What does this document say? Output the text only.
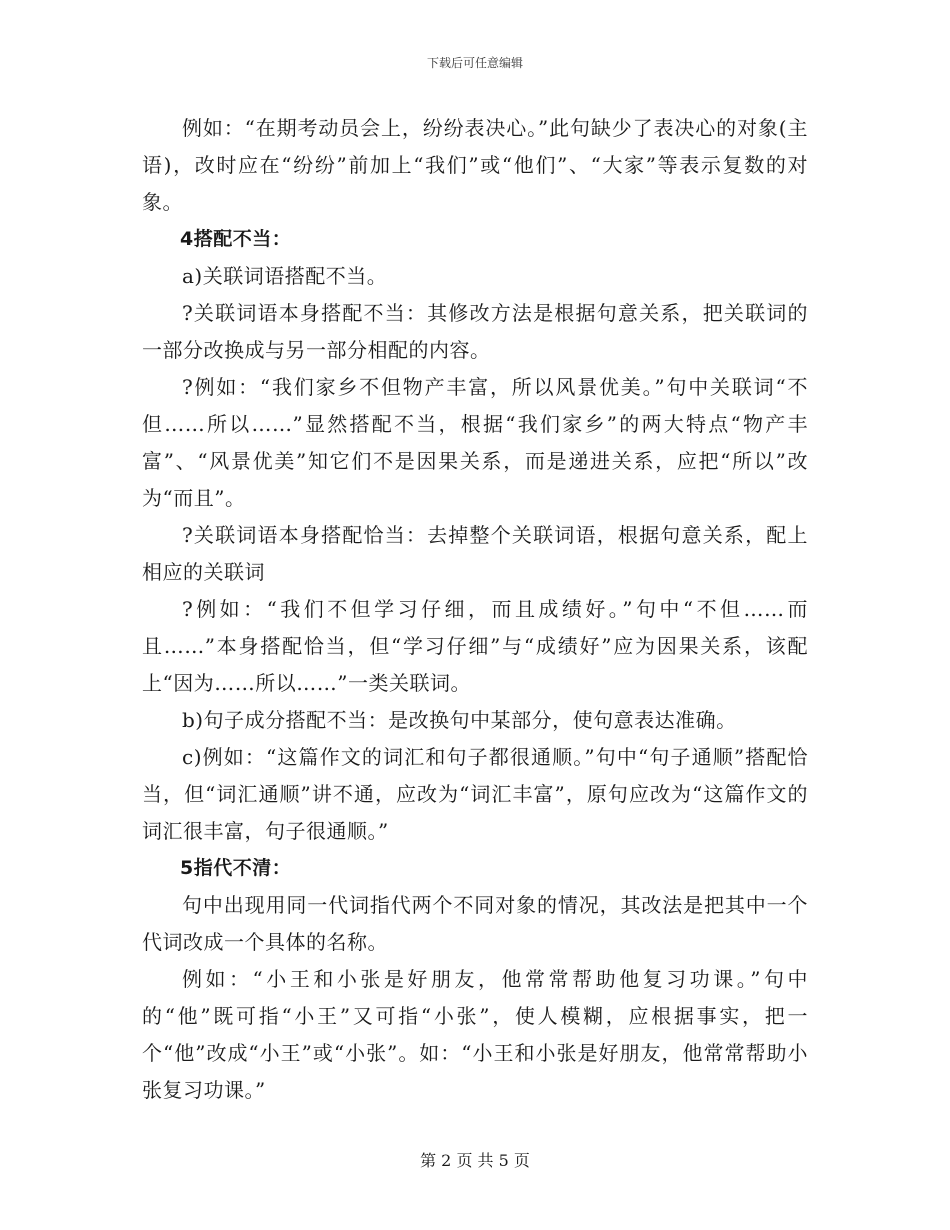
下载后可任意编辑

例如：“在期考动员会上，纷纷表决心。”此句缺少了表决心的对象(主语)，改时应在“纷纷”前加上“我们”或“他们”、“大家”等表示复数的对象。

4搭配不当：

a)关联词语搭配不当。

?关联词语本身搭配不当：其修改方法是根据句意关系，把关联词的一部分改换成与另一部分相配的内容。

?例如：“我们家乡不但物产丰富，所以风景优美。”句中关联词“不但……所以……”显然搭配不当，根据“我们家乡”的两大特点“物产丰富”、“风景优美”知它们不是因果关系，而是递进关系，应把“所以”改为“而且”。

?关联词语本身搭配恰当：去掉整个关联词语，根据句意关系，配上相应的关联词

?例如：“我们不但学习仔细，而且成绩好。”句中“不但……而且……”本身搭配恰当，但“学习仔细”与“成绩好”应为因果关系，该配上“因为……所以……”一类关联词。

b)句子成分搭配不当：是改换句中某部分，使句意表达准确。

c)例如：“这篇作文的词汇和句子都很通顺。”句中“句子通顺”搭配恰当，但“词汇通顺”讲不通，应改为“词汇丰富”，原句应改为“这篇作文的词汇很丰富，句子很通顺。”

5指代不清：

句中出现用同一代词指代两个不同对象的情况，其改法是把其中一个代词改成一个具体的名称。

例如：“小王和小张是好朋友，他常常帮助他复习功课。”句中的“他”既可指“小王”又可指“小张”，使人模糊，应根据事实，把一个“他”改成“小王”或“小张”。如：“小王和小张是好朋友，他常常帮助小张复习功课。”

第 2 页 共 5 页
